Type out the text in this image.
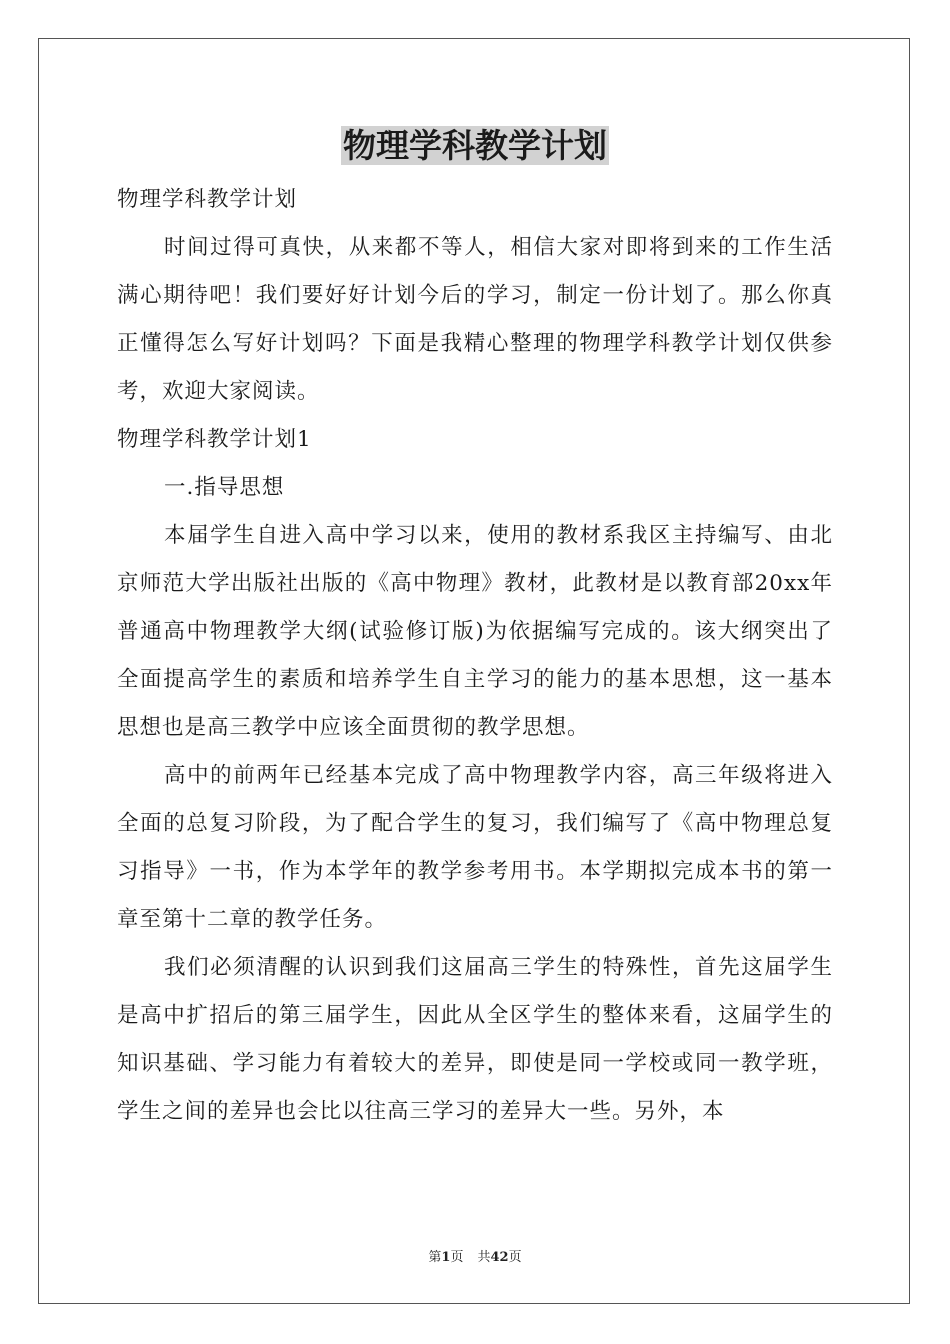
物理学科教学计划

物理学科教学计划

时间过得可真快，从来都不等人，相信大家对即将到来的工作生活满心期待吧！我们要好好计划今后的学习，制定一份计划了。那么你真正懂得怎么写好计划吗？下面是我精心整理的物理学科教学计划仅供参考，欢迎大家阅读。

物理学科教学计划1

一.指导思想

本届学生自进入高中学习以来，使用的教材系我区主持编写、由北京师范大学出版社出版的《高中物理》教材，此教材是以教育部20xx年普通高中物理教学大纲(试验修订版)为依据编写完成的。该大纲突出了全面提高学生的素质和培养学生自主学习的能力的基本思想，这一基本思想也是高三教学中应该全面贯彻的教学思想。

高中的前两年已经基本完成了高中物理教学内容，高三年级将进入全面的总复习阶段，为了配合学生的复习，我们编写了《高中物理总复习指导》一书，作为本学年的教学参考用书。本学期拟完成本书的第一章至第十二章的教学任务。

我们必须清醒的认识到我们这届高三学生的特殊性，首先这届学生是高中扩招后的第三届学生，因此从全区学生的整体来看，这届学生的知识基础、学习能力有着较大的差异，即使是同一学校或同一教学班，学生之间的差异也会比以往高三学习的差异大一些。另外，本

第1页 共42页
